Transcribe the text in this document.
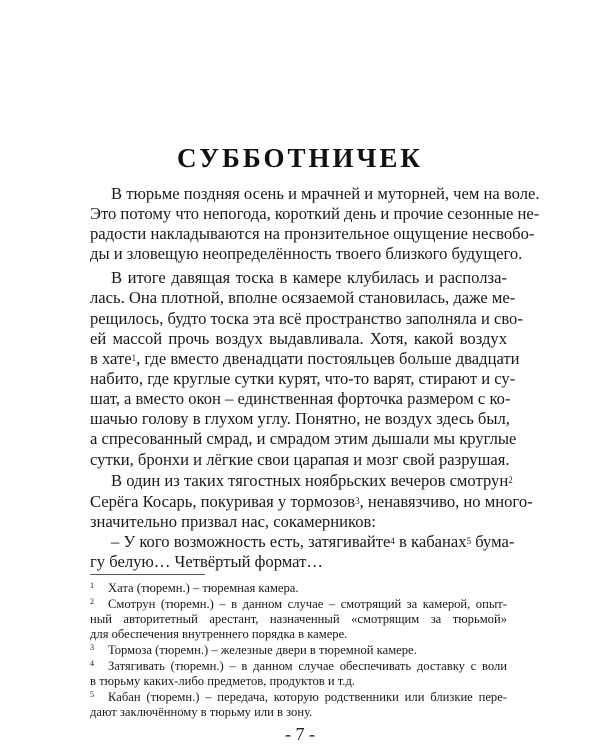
СУББОТНИЧЕК
В тюрьме поздняя осень и мрачней и муторней, чем на воле.
Это потому что непогода, короткий день и прочие сезонные не-
радости накладываются на пронзительное ощущение несвобо-
ды и зловещую неопределённость твоего близкого будущего.
В итоге давящая тоска в камере клубилась и располза-
лась. Она плотной, вполне осязаемой становилась, даже ме-
рещилось, будто тоска эта всё пространство заполняла и сво-
ей массой прочь воздух выдавливала. Хотя, какой воздух
в хате$^1$, где вместо двенадцати постояльцев больше двадцати
набито, где круглые сутки курят, что-то варят, стирают и су-
шат, а вместо окон – единственная форточка размером с ко-
шачью голову в глухом углу. Понятно, не воздух здесь был,
а спресованный смрад, и смрадом этим дышали мы круглые
сутки, бронхи и лёгкие свои царапая и мозг свой разрушая.
В один из таких тягостных ноябрьских вечеров смотрун$^2$
Серёга Косарь, покуривая у тормозов$^3$, ненавязчиво, но много-
значительно призвал нас, сокамерников:
– У кого возможность есть, затягивайте$^4$ в кабанах$^5$ бума-
гу белую… Четвёртый формат…
1 Хата (тюремн.) – тюремная камера.
2 Смотрун (тюремн.) – в данном случае – смотрящий за камерой, опыт-
ный авторитетный арестант, назначенный «смотрящим за тюрьмой»
для обеспечения внутреннего порядка в камере.
3 Тормоза (тюремн.) – железные двери в тюремной камере.
4 Затягивать (тюремн.) – в данном случае обеспечивать доставку с воли
в тюрьму каких-либо предметов, продуктов и т.д.
5 Кабан (тюремн.) – передача, которую родственники или близкие пере-
дают заключённому в тюрьму или в зону.
- 7 -
